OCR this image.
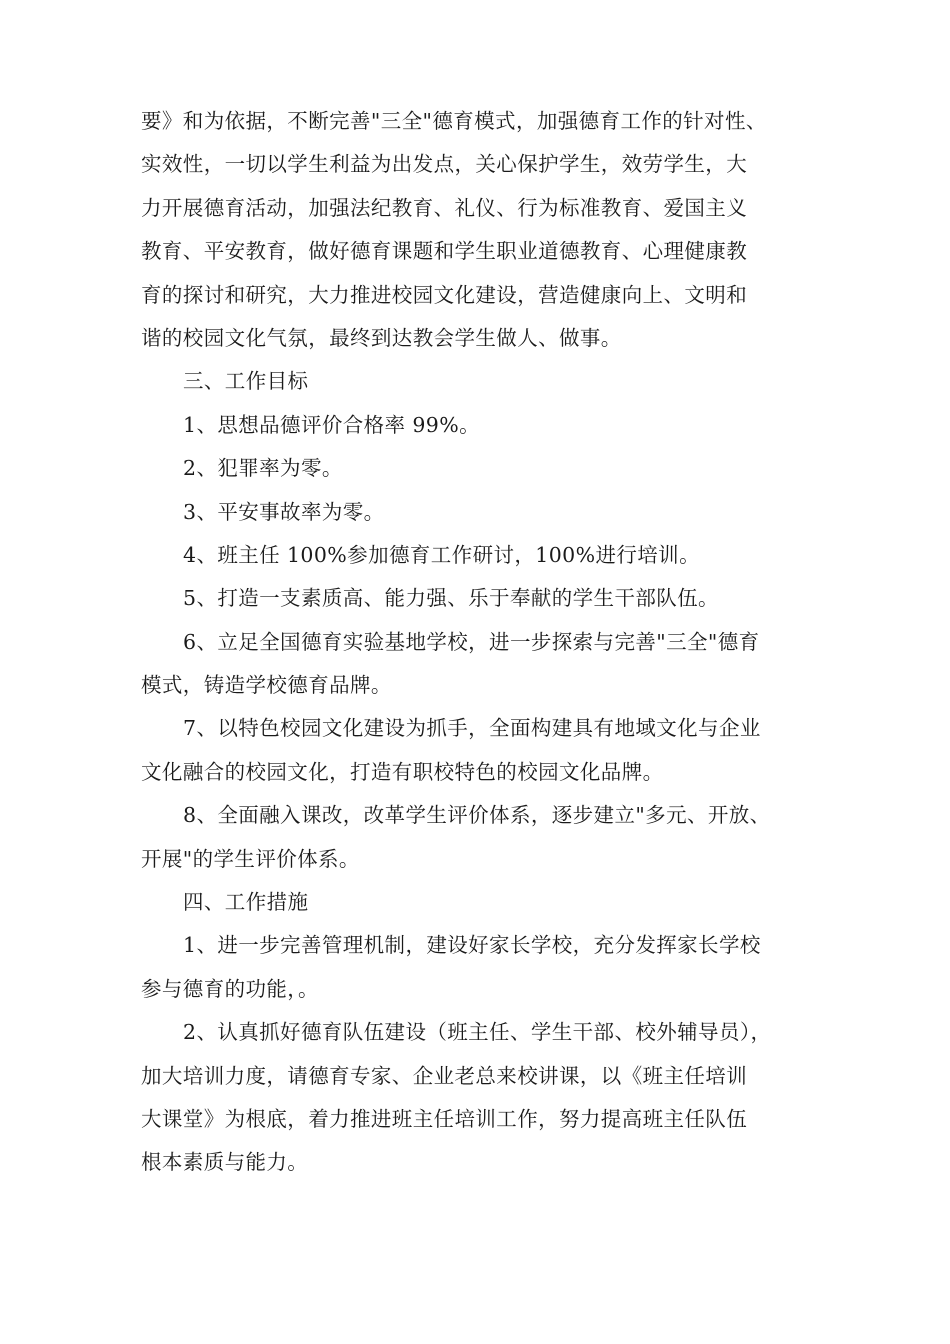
要》和为依据，不断完善"三全"德育模式，加强德育工作的针对性、
实效性，一切以学生利益为出发点，关心保护学生，效劳学生，大
力开展德育活动，加强法纪教育、礼仪、行为标准教育、爱国主义
教育、平安教育，做好德育课题和学生职业道德教育、心理健康教
育的探讨和研究，大力推进校园文化建设，营造健康向上、文明和
谐的校园文化气氛，最终到达教会学生做人、做事。
三、工作目标
1、思想品德评价合格率 99%。
2、犯罪率为零。
3、平安事故率为零。
4、班主任 100%参加德育工作研讨，100%进行培训。
5、打造一支素质高、能力强、乐于奉献的学生干部队伍。
6、立足全国德育实验基地学校，进一步探索与完善"三全"德育
模式，铸造学校德育品牌。
7、以特色校园文化建设为抓手，全面构建具有地域文化与企业
文化融合的校园文化，打造有职校特色的校园文化品牌。
8、全面融入课改，改革学生评价体系，逐步建立"多元、开放、
开展"的学生评价体系。
四、工作措施
1、进一步完善管理机制，建设好家长学校，充分发挥家长学校
参与德育的功能，。
2、认真抓好德育队伍建设（班主任、学生干部、校外辅导员），
加大培训力度，请德育专家、企业老总来校讲课，以《班主任培训
大课堂》为根底，着力推进班主任培训工作，努力提高班主任队伍
根本素质与能力。
